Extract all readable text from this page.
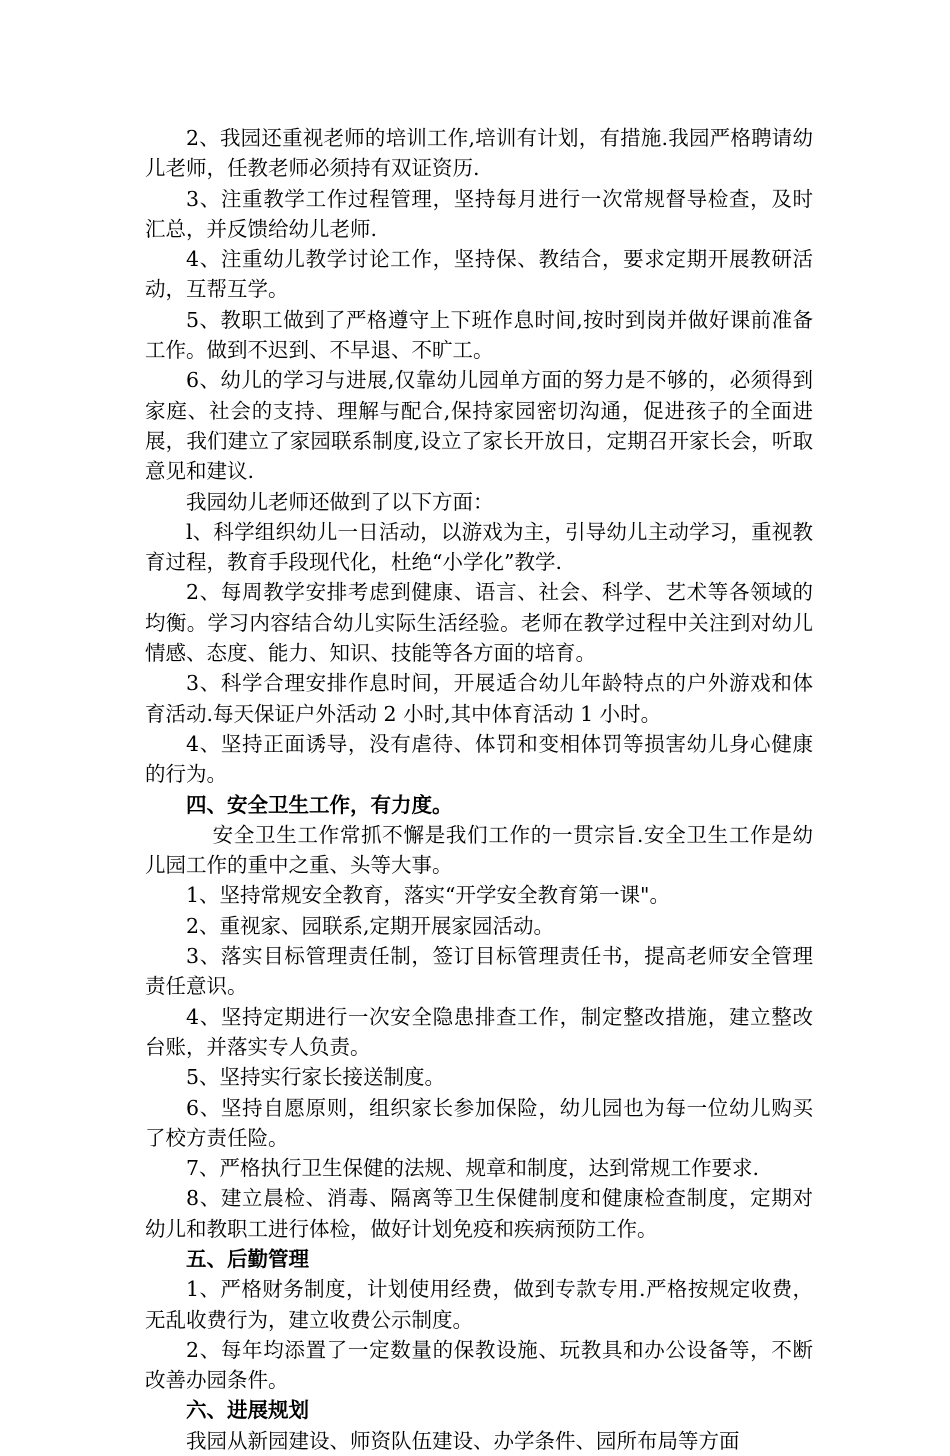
2、我园还重视老师的培训工作,培训有计划，有措施.我园严格聘请幼儿老师，任教老师必须持有双证资历.

3、注重教学工作过程管理，坚持每月进行一次常规督导检查，及时汇总，并反馈给幼儿老师.

4、注重幼儿教学讨论工作，坚持保、教结合，要求定期开展教研活动，互帮互学。

5、教职工做到了严格遵守上下班作息时间,按时到岗并做好课前准备工作。做到不迟到、不早退、不旷工。

6、幼儿的学习与进展,仅靠幼儿园单方面的努力是不够的，必须得到家庭、社会的支持、理解与配合,保持家园密切沟通，促进孩子的全面进展，我们建立了家园联系制度,设立了家长开放日，定期召开家长会，听取意见和建议.

我园幼儿老师还做到了以下方面：

l、科学组织幼儿一日活动，以游戏为主，引导幼儿主动学习，重视教育过程，教育手段现代化，杜绝“小学化”教学.

2、每周教学安排考虑到健康、语言、社会、科学、艺术等各领域的均衡。学习内容结合幼儿实际生活经验。老师在教学过程中关注到对幼儿情感、态度、能力、知识、技能等各方面的培育。

3、科学合理安排作息时间，开展适合幼儿年龄特点的户外游戏和体育活动.每天保证户外活动 2 小时,其中体育活动 1 小时。

4、坚持正面诱导，没有虐待、体罚和变相体罚等损害幼儿身心健康的行为。

四、安全卫生工作，有力度。

安全卫生工作常抓不懈是我们工作的一贯宗旨.安全卫生工作是幼儿园工作的重中之重、头等大事。

1、坚持常规安全教育，落实“开学安全教育第一课"。

2、重视家、园联系,定期开展家园活动。

3、落实目标管理责任制，签订目标管理责任书，提高老师安全管理责任意识。

4、坚持定期进行一次安全隐患排查工作，制定整改措施，建立整改台账，并落实专人负责。

5、坚持实行家长接送制度。

6、坚持自愿原则，组织家长参加保险，幼儿园也为每一位幼儿购买了校方责任险。

7、严格执行卫生保健的法规、规章和制度，达到常规工作要求.

8、建立晨检、消毒、隔离等卫生保健制度和健康检查制度，定期对幼儿和教职工进行体检，做好计划免疫和疾病预防工作。

五、后勤管理

1、严格财务制度，计划使用经费，做到专款专用.严格按规定收费，无乱收费行为，建立收费公示制度。

2、每年均添置了一定数量的保教设施、玩教具和办公设备等，不断改善办园条件。

六、进展规划

我园从新园建设、师资队伍建设、办学条件、园所布局等方面
